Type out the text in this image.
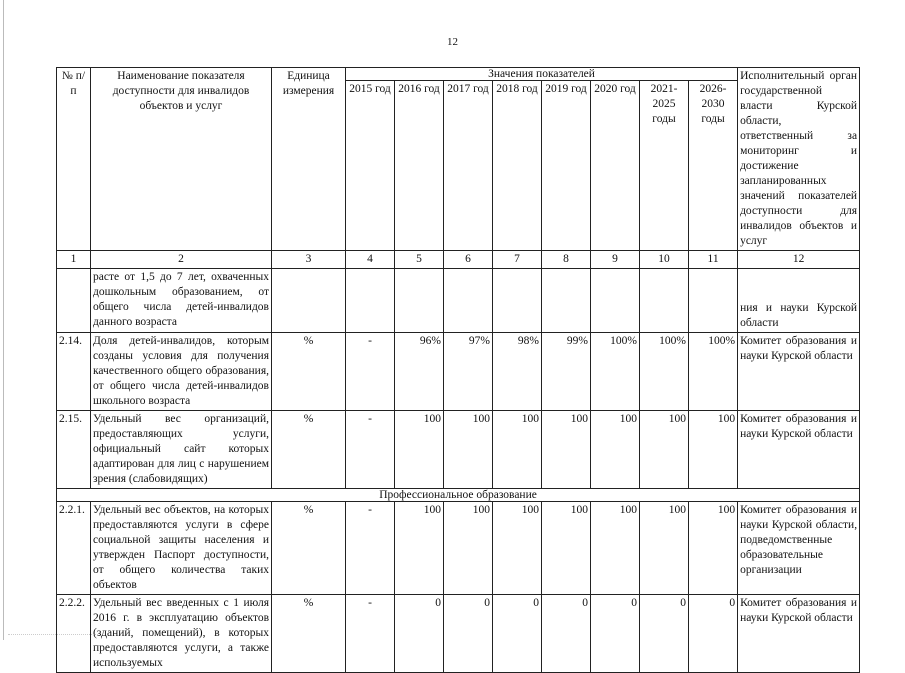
12
№ п/п	Наименование показателя доступности для инвалидов объектов и услуг	Единица измерения	Значения показателей								Исполнительный орган государственной власти Курской области, ответственный за мониторинг и достижение запланированных значений показателей доступности для инвалидов объектов и услуг
			2015 год	2016 год	2017 год	2018 год	2019 год	2020 год	2021-2025 годы	2026-2030 годы	
1	2	3	4	5	6	7	8	9	10	11	12
	расте от 1,5 до 7 лет, охваченных дошкольным образованием, от общего числа детей-инвалидов данного возраста										ния и науки Курской области
2.14.	Доля детей-инвалидов, которым созданы условия для получения качественного общего образования, от общего числа детей-инвалидов школьного возраста	%	-	96%	97%	98%	99%	100%	100%	100%	Комитет образования и науки Курской области
2.15.	Удельный вес организаций, предоставляющих услуги, официальный сайт которых адаптирован для лиц с нарушением зрения (слабовидящих)	%	-	100	100	100	100	100	100	100	Комитет образования и науки Курской области
Профессиональное образование											
2.2.1.	Удельный вес объектов, на которых предоставляются услуги в сфере социальной защиты населения и утвержден Паспорт доступности, от общего количества таких объектов	%	-	100	100	100	100	100	100	100	Комитет образования и науки Курской области, подведомственные образовательные организации
2.2.2.	Удельный вес введенных с 1 июля 2016 г. в эксплуатацию объектов (зданий, помещений), в которых предоставляются услуги, а также используемых	%	-	0	0	0	0	0	0	0	Комитет образования и науки Курской области
